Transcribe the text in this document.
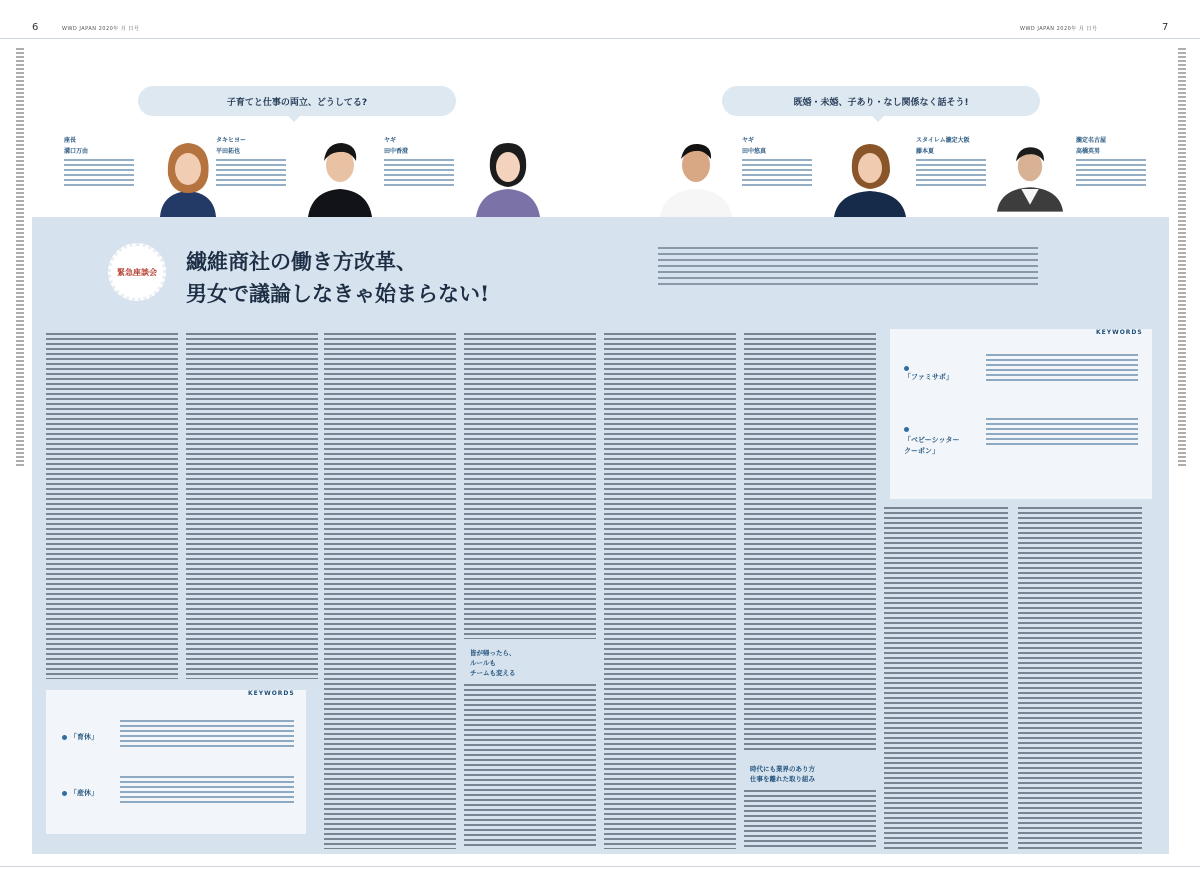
6	7
WWD JAPAN 2020年 月 日号	WWD JAPAN 2020年 月 日号
子育てと仕事の両立、どうしてる?	既婚・未婚、子あり・なし関係なく話そう!
座長
溝口万由
タキヒヨー
平田拓也
ヤギ
田中香澄
ヤギ
田中悠真
スタイレム瀧定大阪
藤本夏
瀧定名古屋
高橋英男
緊急座談会	繊維商社の働き方改革、
男女で議論しなきゃ始まらない!
皆が帰ったら、
ルールも
チームも変える
時代にも業界のあり方
仕事を離れた取り組み
KEYWORDS
「育休」
「産休」
KEYWORDS

「ファミサポ」

「ベビーシッター
クーポン」
